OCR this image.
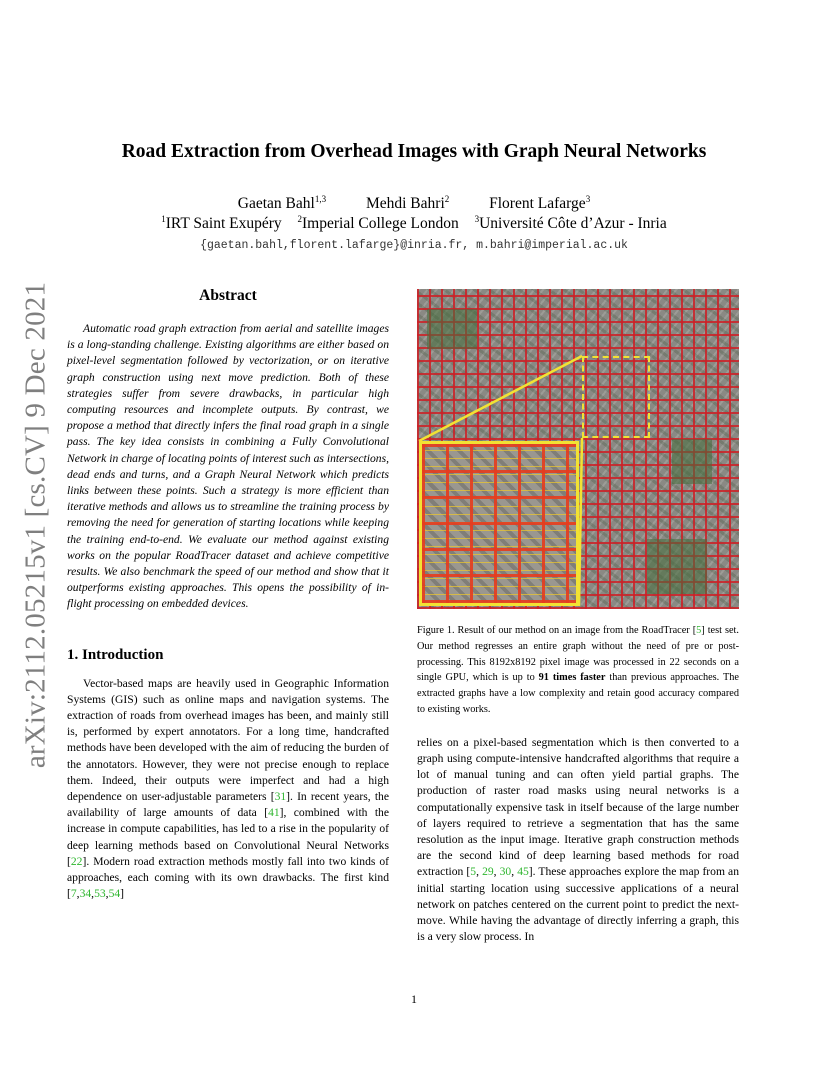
arXiv:2112.05215v1 [cs.CV] 9 Dec 2021
Road Extraction from Overhead Images with Graph Neural Networks
Gaetan Bahl$^{1,3}$	Mehdi Bahri$^2$	Florent Lafarge$^3$
$^1$IRT Saint Exupéry $^2$Imperial College London $^3$Université Côte d’Azur - Inria
{gaetan.bahl,florent.lafarge}@inria.fr, m.bahri@imperial.ac.uk
Abstract

Automatic road graph extraction from aerial and satellite images is a long-standing challenge. Existing algorithms are either based on pixel-level segmentation followed by vectorization, or on iterative graph construction using next move prediction. Both of these strategies suffer from severe drawbacks, in particular high computing resources and incomplete outputs. By contrast, we propose a method that directly infers the final road graph in a single pass. The key idea consists in combining a Fully Convolutional Network in charge of locating points of interest such as intersections, dead ends and turns, and a Graph Neural Network which predicts links between these points. Such a strategy is more efficient than iterative methods and allows us to streamline the training process by removing the need for generation of starting locations while keeping the training end-to-end. We evaluate our method against existing works on the popular RoadTracer dataset and achieve competitive results. We also benchmark the speed of our method and show that it outperforms existing approaches. This opens the possibility of in-flight processing on embedded devices.

1. Introduction

Vector-based maps are heavily used in Geographic Information Systems (GIS) such as online maps and navigation systems. The extraction of roads from overhead images has been, and mainly still is, performed by expert annotators. For a long time, handcrafted methods have been developed with the aim of reducing the burden of the annotators. However, they were not precise enough to replace them. Indeed, their outputs were imperfect and had a high dependence on user-adjustable parameters [31]. In recent years, the availability of large amounts of data [41], combined with the increase in compute capabilities, has led to a rise in the popularity of deep learning methods based on Convolutional Neural Networks [22]. Modern road extraction methods mostly fall into two kinds of approaches, each coming with its own drawbacks. The first kind [7,34,53,54]

Figure 1. Result of our method on an image from the RoadTracer [5] test set. Our method regresses an entire graph without the need of pre or post-processing. This 8192x8192 pixel image was processed in 22 seconds on a single GPU, which is up to 91 times faster than previous approaches. The extracted graphs have a low complexity and retain good accuracy compared to existing works.

relies on a pixel-based segmentation which is then converted to a graph using compute-intensive handcrafted algorithms that require a lot of manual tuning and can often yield partial graphs. The production of raster road masks using neural networks is a computationally expensive task in itself because of the large number of layers required to retrieve a segmentation that has the same resolution as the input image. Iterative graph construction methods are the second kind of deep learning based methods for road extraction [5, 29, 30, 45]. These approaches explore the map from an initial starting location using successive applications of a neural network on patches centered on the current point to predict the next-move. While having the advantage of directly inferring a graph, this is a very slow process. In

1
